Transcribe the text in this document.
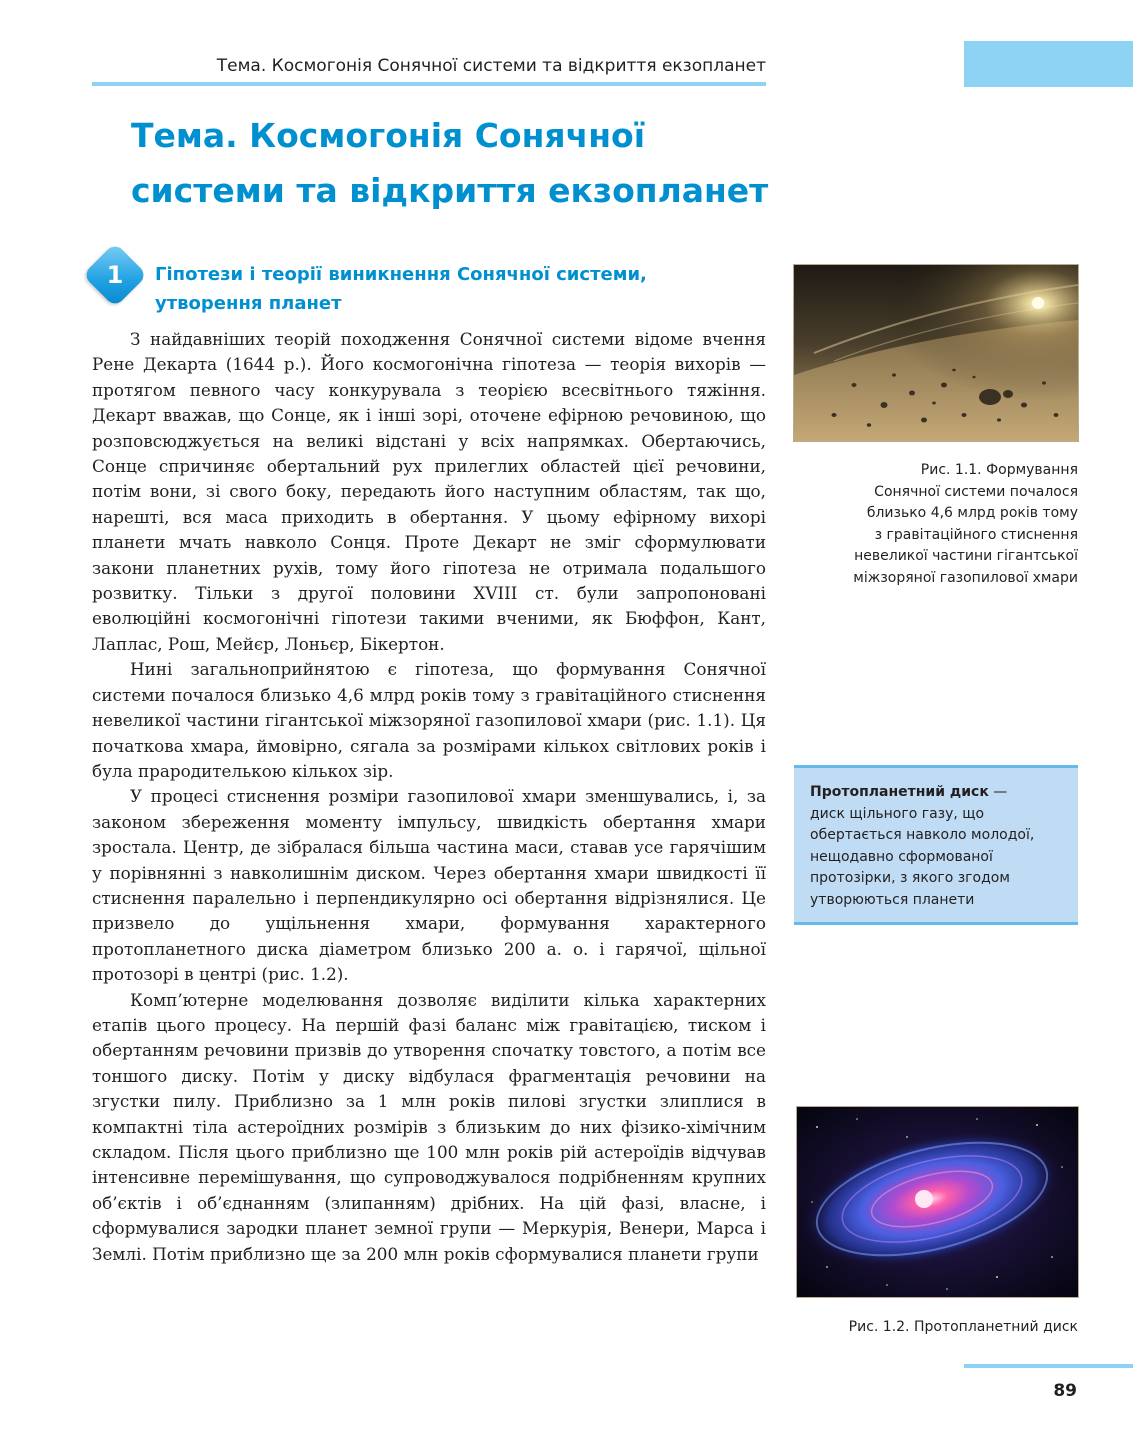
Тема. Космогонія Сонячної системи та відкриття екзопланет
Тема. Космогонія Сонячної
системи та відкриття екзопланет
1	Гіпотези і теорії виникнення Сонячної системи,
утворення планет

З найдавніших теорій походження Сонячної системи відоме вчення Рене Декарта (1644 р.). Його космогонічна гіпотеза — теорія вихорів — протягом певного часу конкурувала з теорією всесвітнього тяжіння. Декарт вважав, що Сонце, як і інші зорі, оточене ефірною речовиною, що розповсюджується на великі відстані у всіх напрямках. Обертаючись, Сонце спричиняє обертальний рух прилеглих областей цієї речовини, потім вони, зі свого боку, передають його наступним областям, так що, нарешті, вся маса приходить в обертання. У цьому ефірному вихорі планети мчать навколо Сонця. Проте Декарт не зміг сформулювати закони планетних рухів, тому його гіпотеза не отримала подальшого розвитку. Тільки з другої половини XVIII ст. були запропоновані еволюційні космогонічні гіпотези такими вченими, як Бюффон, Кант, Лаплас, Рош, Мейєр, Лоньєр, Бікертон.

Нині загальноприйнятою є гіпотеза, що формування Сонячної системи почалося близько 4,6 млрд років тому з гравітаційного стиснення невеликої частини гігантської міжзоряної газопилової хмари (рис. 1.1). Ця початкова хмара, ймовірно, сягала за розмірами кількох світлових років і була прародителькою кількох зір.

У процесі стиснення розміри газопилової хмари зменшувались, і, за законом збереження моменту імпульсу, швидкість обертання хмари зростала. Центр, де зібралася більша частина маси, ставав усе гарячішим у порівнянні з навколишнім диском. Через обертання хмари швидкості її стиснення паралельно і перпендикулярно осі обертання відрізнялися. Це призвело до ущільнення хмари, формування характерного протопланетного диска діаметром близько 200 а. о. і гарячої, щільної протозорі в центрі (рис. 1.2).

Комп’ютерне моделювання дозволяє виділити кілька характерних етапів цього процесу. На першій фазі баланс між гравітацією, тиском і обертанням речовини призвів до утворення спочатку товстого, а потім все тоншого диску. Потім у диску відбулася фрагментація речовини на згустки пилу. Приблизно за 1 млн років пилові згустки злиплися в компактні тіла астероїдних розмірів з близьким до них фізико-хімічним складом. Після цього приблизно ще 100 млн років рій астероїдів відчував інтенсивне перемішування, що супроводжувалося подрібненням крупних об’єктів і об’єднанням (злипанням) дрібних. На цій фазі, власне, і сформувалися зародки планет земної групи — Меркурія, Венери, Марса і Землі. Потім приблизно ще за 200 млн років сформувалися планети групи

Рис. 1.1. Формування
Сонячної системи почалося
близько 4,6 млрд років тому
з гравітаційного стиснення
невеликої частини гігантської
міжзоряної газопилової хмари
Протопланетний диск —
диск щільного газу, що
обертається навколо молодої,
нещодавно сформованої
протозірки, з якого згодом
утворюються планети
Рис. 1.2. Протопланетний диск
89
